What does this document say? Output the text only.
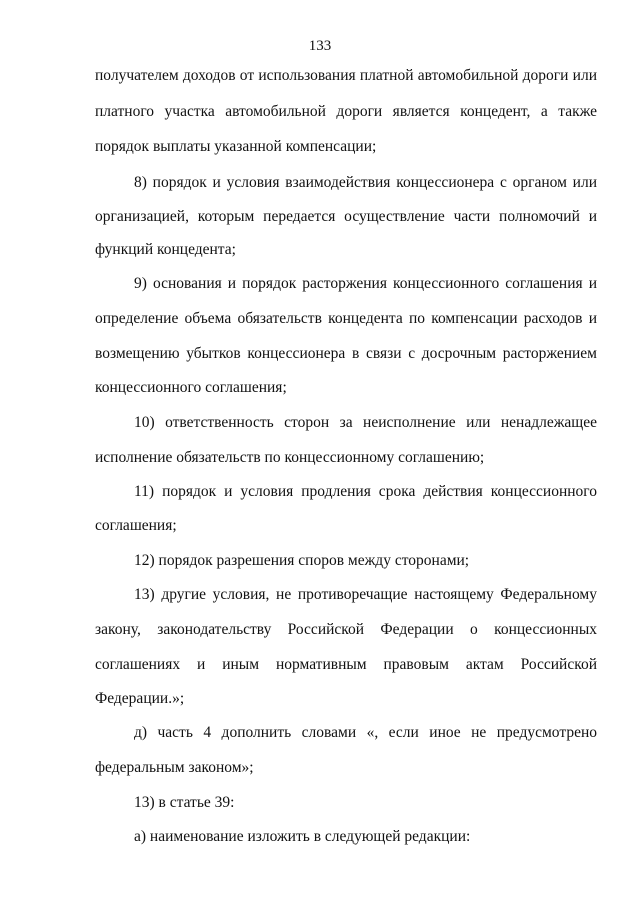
133
получателем доходов от использования платной автомобильной дороги или
платного участка автомобильной дороги является концедент, а также
порядок выплаты указанной компенсации;
8) порядок и условия взаимодействия концессионера с органом или
организацией, которым передается осуществление части полномочий и
функций концедента;
9) основания и порядок расторжения концессионного соглашения и
определение объема обязательств концедента по компенсации расходов и
возмещению убытков концессионера в связи с досрочным расторжением
концессионного соглашения;
10) ответственность сторон за неисполнение или ненадлежащее
исполнение обязательств по концессионному соглашению;
11) порядок и условия продления срока действия концессионного
соглашения;
12) порядок разрешения споров между сторонами;
13) другие условия, не противоречащие настоящему Федеральному
закону, законодательству Российской Федерации о концессионных
соглашениях и иным нормативным правовым актам Российской
Федерации.»;
д) часть 4 дополнить словами «, если иное не предусмотрено
федеральным законом»;
13) в статье 39:
а) наименование изложить в следующей редакции:
